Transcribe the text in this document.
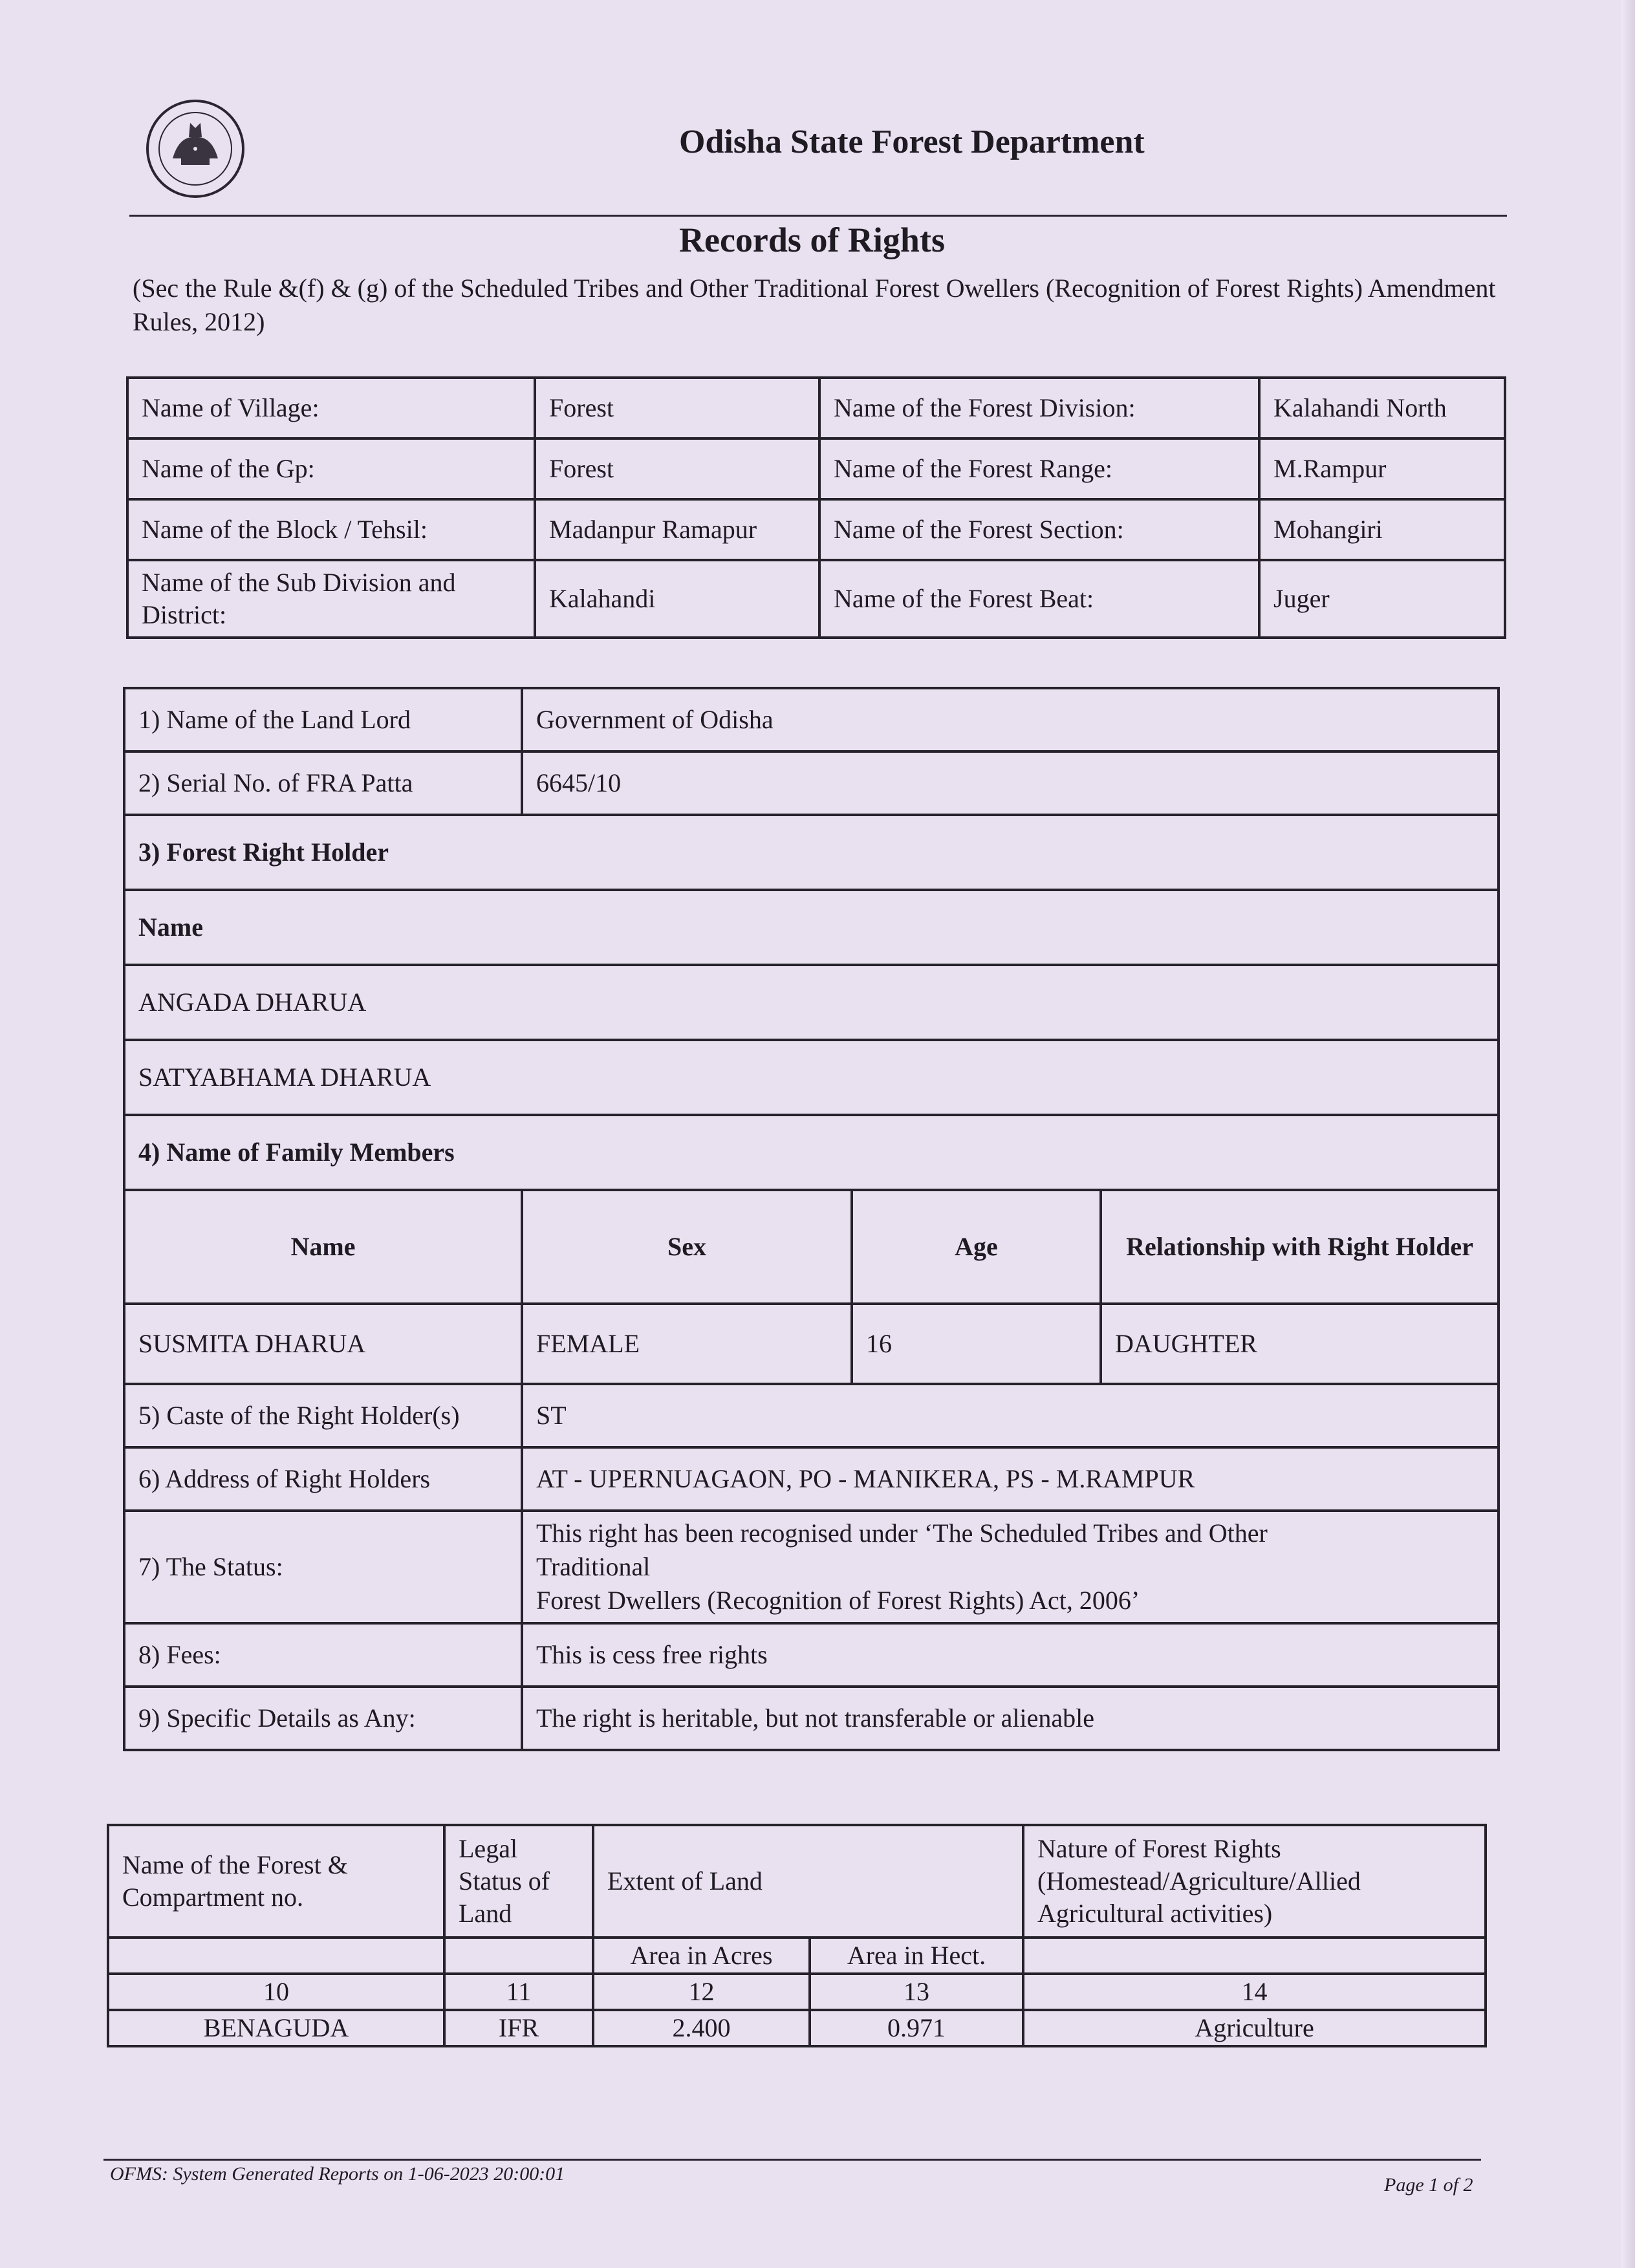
Odisha State Forest Department
Records of Rights
(Sec the Rule &(f) & (g) of the Scheduled Tribes and Other Traditional Forest Owellers (Recognition of Forest Rights) Amendment Rules, 2012)
Name of Village:	Forest	Name of the Forest Division:	Kalahandi North
Name of the Gp:	Forest	Name of the Forest Range:	M.Rampur
Name of the Block / Tehsil:	Madanpur Ramapur	Name of the Forest Section:	Mohangiri
Name of the Sub Division and District:	Kalahandi	Name of the Forest Beat:	Juger
1) Name of the Land Lord	Government of Odisha		
2) Serial No. of FRA Patta	6645/10		
3) Forest Right Holder			
Name			
ANGADA DHARUA			
SATYABHAMA DHARUA			
4) Name of Family Members			
Name	Sex	Age	Relationship with Right Holder
SUSMITA DHARUA	FEMALE	16	DAUGHTER
5) Caste of the Right Holder(s)	ST		
6) Address of Right Holders	AT - UPERNUAGAON, PO - MANIKERA, PS - M.RAMPUR		
7) The Status:	This right has been recognised under ‘The Scheduled Tribes and Other
Traditional
Forest Dwellers (Recognition of Forest Rights) Act, 2006’		

8) Fees:	This is cess free rights		
9) Specific Details as Any:	The right is heritable, but not transferable or alienable		
Name of the Forest & Compartment no.	Legal Status of Land	Extent of Land		Nature of Forest Rights (Homestead/Agriculture/Allied Agricultural activities)
		Area in Acres	Area in Hect.	
10	11	12	13	14
BENAGUDA	IFR	2.400	0.971	Agriculture
OFMS: System Generated Reports on 1-06-2023 20:00:01
Page 1 of 2
